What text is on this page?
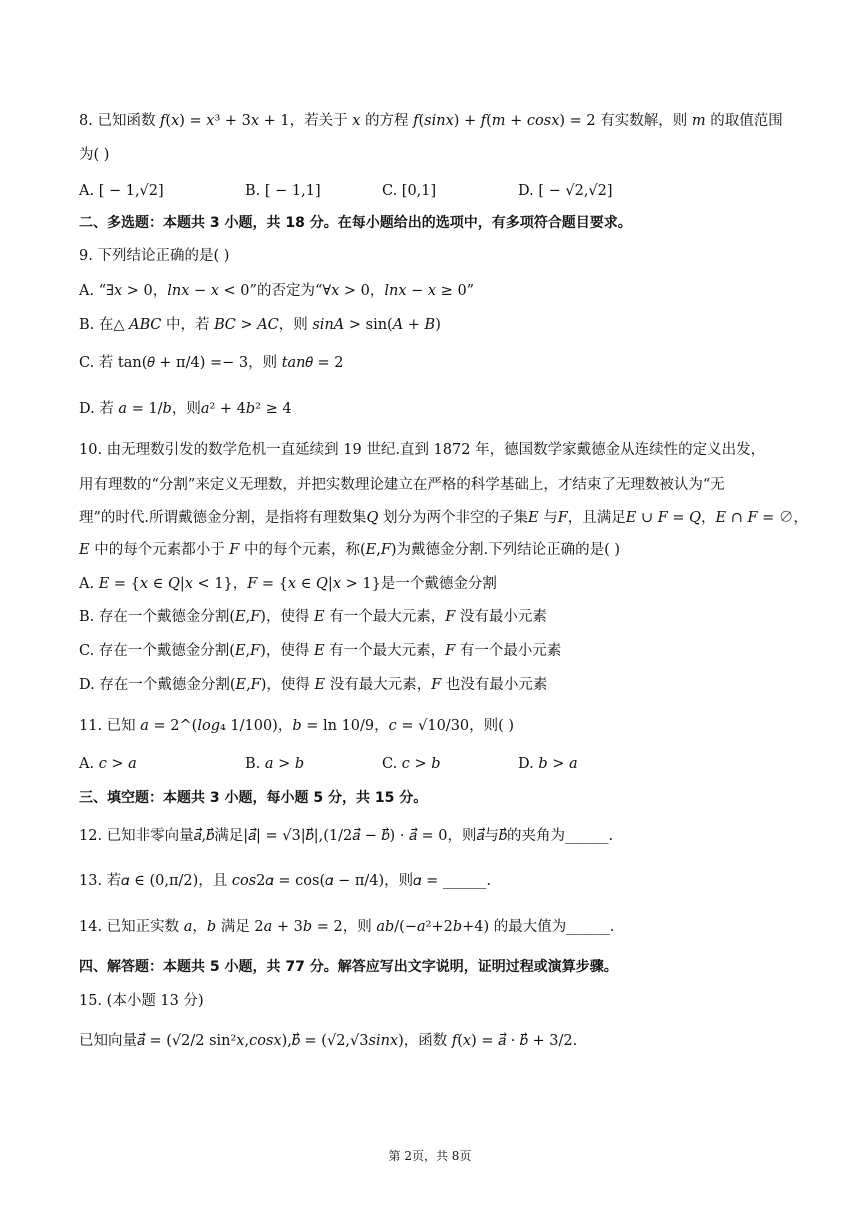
8. 已知函数 𝑓(𝑥) = 𝑥³ + 3𝑥 + 1，若关于 𝑥 的方程 𝑓(𝑠𝑖𝑛𝑥) + 𝑓(𝑚 + 𝑐𝑜𝑠𝑥) = 2 有实数解，则 𝑚 的取值范围
为( )
A. [ − 1,√2]	B. [ − 1,1]	C. [0,1]	D. [ − √2,√2]
二、多选题：本题共 3 小题，共 18 分。在每小题给出的选项中，有多项符合题目要求。
9. 下列结论正确的是( )
A. “∃𝑥 > 0，𝑙𝑛𝑥 − 𝑥 < 0”的否定为“∀𝑥 > 0，𝑙𝑛𝑥 − 𝑥 ≥ 0”
B. 在△ 𝐴𝐵𝐶 中，若 𝐵𝐶 > 𝐴𝐶，则 𝑠𝑖𝑛𝐴 > sin(𝐴 + 𝐵)
C. 若 tan(𝜃 + π/4) =− 3，则 𝑡𝑎𝑛𝜃 = 2
D. 若 𝑎 = 1/𝑏，则𝑎² + 4𝑏² ≥ 4
10. 由无理数引发的数学危机一直延续到 19 世纪.直到 1872 年，德国数学家戴德金从连续性的定义出发，
用有理数的“分割”来定义无理数，并把实数理论建立在严格的科学基础上，才结束了无理数被认为“无
理”的时代.所谓戴德金分割，是指将有理数集𝑄 划分为两个非空的子集𝐸 与𝐹，且满足𝐸 ∪ 𝐹 = 𝑄，𝐸 ∩ 𝐹 = ∅，
𝐸 中的每个元素都小于 𝐹 中的每个元素，称(𝐸,𝐹)为戴德金分割.下列结论正确的是( )
A. 𝐸 = {𝑥 ∈ 𝑄|𝑥 < 1}，𝐹 = {𝑥 ∈ 𝑄|𝑥 > 1}是一个戴德金分割
B. 存在一个戴德金分割(𝐸,𝐹)，使得 𝐸 有一个最大元素，𝐹 没有最小元素
C. 存在一个戴德金分割(𝐸,𝐹)，使得 𝐸 有一个最大元素，𝐹 有一个最小元素
D. 存在一个戴德金分割(𝐸,𝐹)，使得 𝐸 没有最大元素，𝐹 也没有最小元素
11. 已知 𝑎 = 2^(𝑙𝑜𝑔₄ 1/100)，𝑏 = ln 10/9，𝑐 = √10/30，则( )
A. 𝑐 > 𝑎	B. 𝑎 > 𝑏	C. 𝑐 > 𝑏	D. 𝑏 > 𝑎
三、填空题：本题共 3 小题，每小题 5 分，共 15 分。
12. 已知非零向量𝑎⃗,𝑏⃗满足|𝑎⃗| = √3|𝑏⃗|,(1/2𝑎⃗ − 𝑏⃗) · 𝑎⃗ = 0，则𝑎⃗与𝑏⃗的夹角为______.
13. 若𝛼 ∈ (0,π/2)，且 𝑐𝑜𝑠2𝛼 = cos(𝛼 − π/4)，则𝛼 = ______.
14. 已知正实数 𝑎，𝑏 满足 2𝑎 + 3𝑏 = 2，则 𝑎𝑏/(−𝑎²+2𝑏+4) 的最大值为______.
四、解答题：本题共 5 小题，共 77 分。解答应写出文字说明，证明过程或演算步骤。
15. (本小题 13 分)
已知向量𝑎⃗ = (√2/2 sin²𝑥,𝑐𝑜𝑠𝑥),𝑏⃗ = (√2,√3𝑠𝑖𝑛𝑥)，函数 𝑓(𝑥) = 𝑎⃗ · 𝑏⃗ + 3/2.
第 2页，共 8页
